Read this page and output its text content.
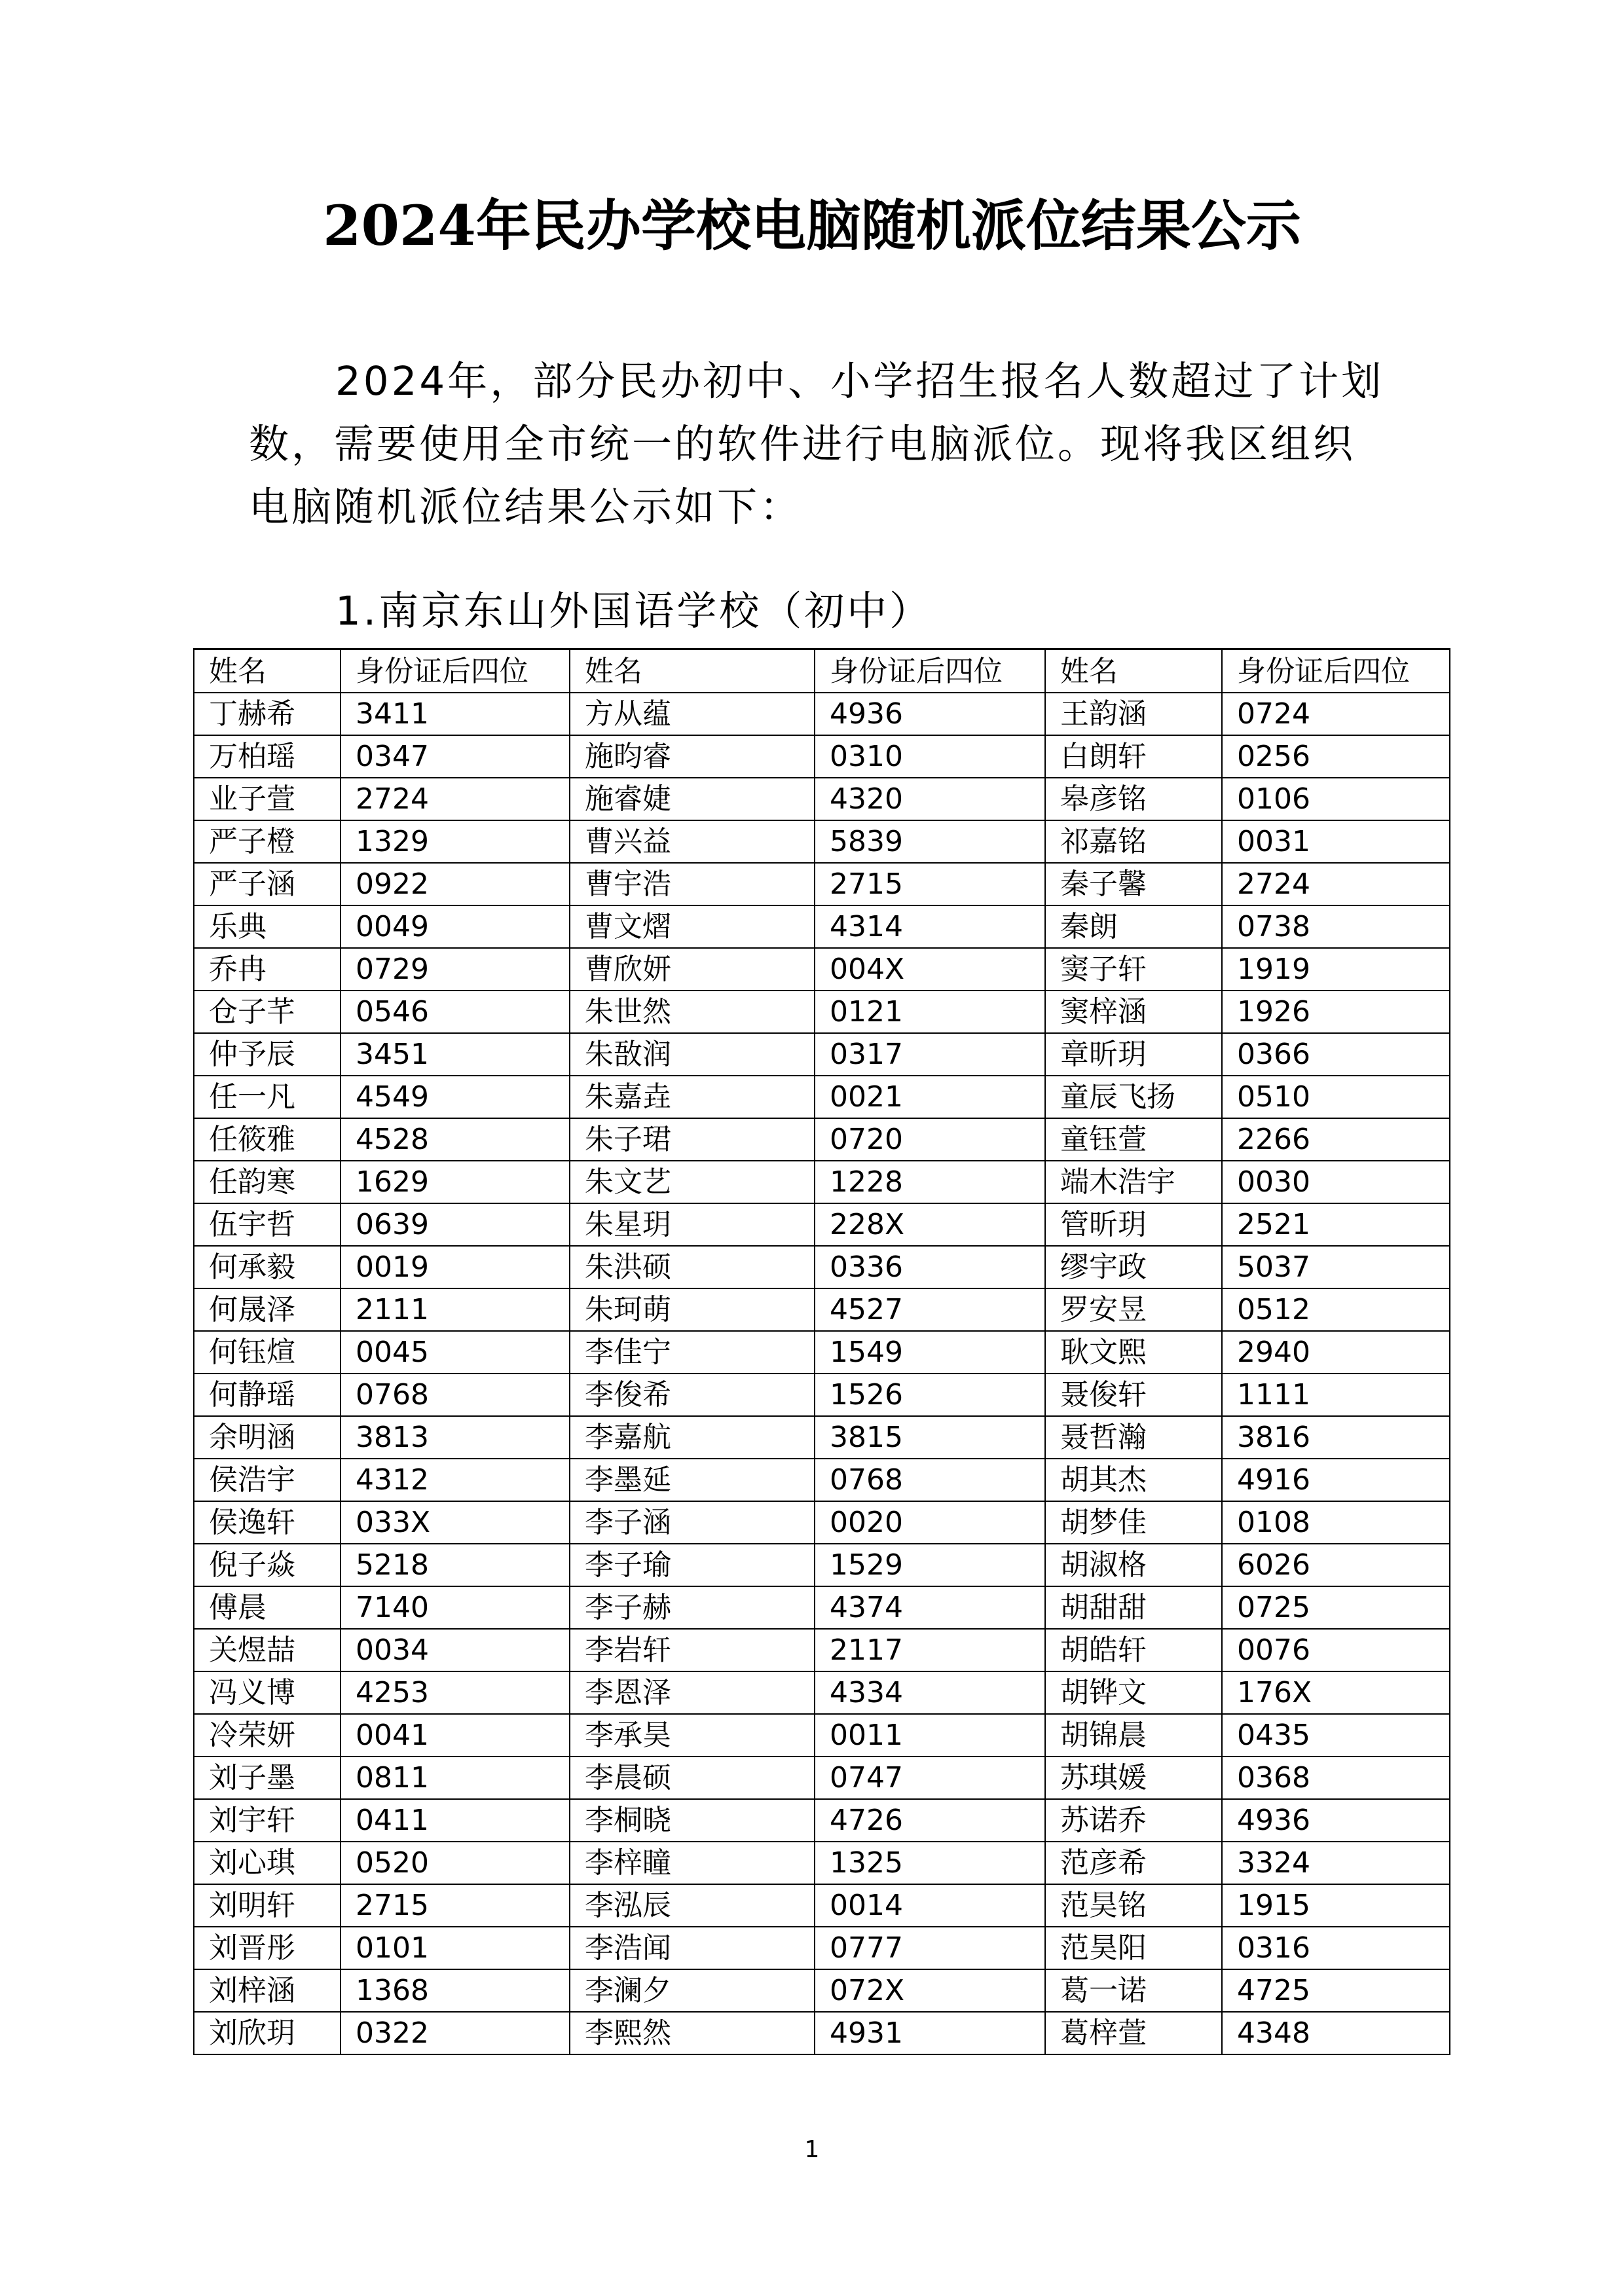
2024年民办学校电脑随机派位结果公示

2024年，部分民办初中、小学招生报名人数超过了计划数，需要使用全市统一的软件进行电脑派位。现将我区组织电脑随机派位结果公示如下：

1.南京东山外国语学校（初中）

姓名	身份证后四位	姓名	身份证后四位	姓名	身份证后四位
丁赫希	3411	方从蕴	4936	王韵涵	0724
万柏瑶	0347	施昀睿	0310	白朗轩	0256
业子萱	2724	施睿婕	4320	皋彦铭	0106
严子橙	1329	曹兴益	5839	祁嘉铭	0031
严子涵	0922	曹宇浩	2715	秦子馨	2724
乐典	0049	曹文熠	4314	秦朗	0738
乔冉	0729	曹欣妍	004X	窦子轩	1919
仓子芊	0546	朱世然	0121	窦梓涵	1926
仲予辰	3451	朱敔润	0317	章昕玥	0366
任一凡	4549	朱嘉垚	0021	童辰飞扬	0510
任筱雅	4528	朱子珺	0720	童钰萱	2266
任韵寒	1629	朱文艺	1228	端木浩宇	0030
伍宇哲	0639	朱星玥	228X	管昕玥	2521
何承毅	0019	朱洪硕	0336	缪宇政	5037
何晟泽	2111	朱珂萌	4527	罗安昱	0512
何钰煊	0045	李佳宁	1549	耿文熙	2940
何静瑶	0768	李俊希	1526	聂俊轩	1111
余明涵	3813	李嘉航	3815	聂哲瀚	3816
侯浩宇	4312	李墨延	0768	胡其杰	4916
侯逸轩	033X	李子涵	0020	胡梦佳	0108
倪子焱	5218	李子瑜	1529	胡淑格	6026
傅晨	7140	李子赫	4374	胡甜甜	0725
关煜喆	0034	李岩轩	2117	胡皓轩	0076
冯义博	4253	李恩泽	4334	胡铧文	176X
冷荣妍	0041	李承昊	0011	胡锦晨	0435
刘子墨	0811	李晨硕	0747	苏琪媛	0368
刘宇轩	0411	李桐晓	4726	苏诺乔	4936
刘心琪	0520	李梓瞳	1325	范彦希	3324
刘明轩	2715	李泓辰	0014	范昊铭	1915
刘晋彤	0101	李浩闻	0777	范昊阳	0316
刘梓涵	1368	李澜夕	072X	葛一诺	4725
刘欣玥	0322	李熙然	4931	葛梓萱	4348

1
